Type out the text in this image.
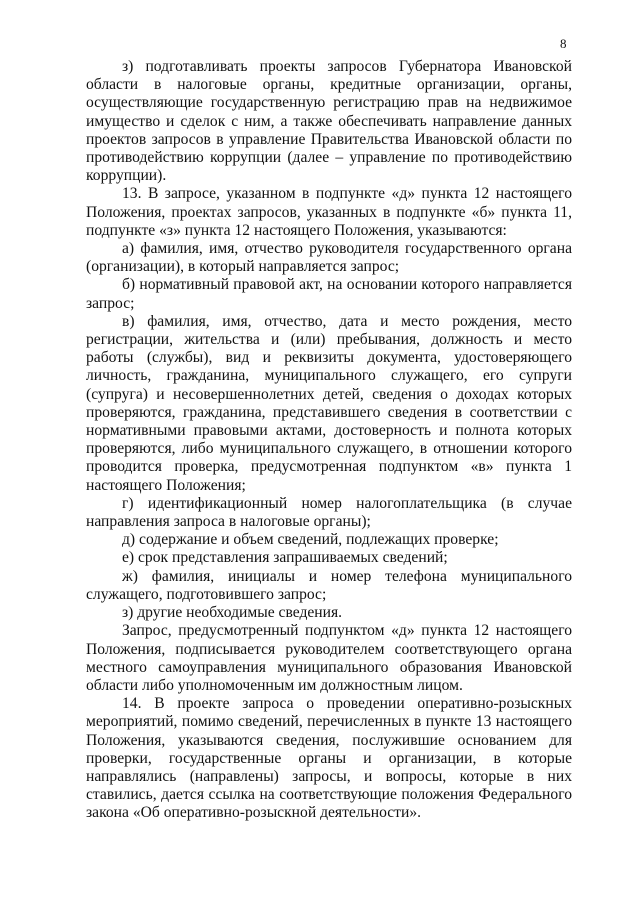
8

з) подготавливать проекты запросов Губернатора Ивановской области в налоговые органы, кредитные организации, органы, осуществляющие государственную регистрацию прав на недвижимое имущество и сделок с ним, а также обеспечивать направление данных проектов запросов в управление Правительства Ивановской области по противодействию коррупции (далее – управление по противодействию коррупции).

13. В запросе, указанном в подпункте «д» пункта 12 настоящего Положения, проектах запросов, указанных в подпункте «б» пункта 11, подпункте «з» пункта 12 настоящего Положения, указываются:

а) фамилия, имя, отчество руководителя государственного органа (организации), в который направляется запрос;

б) нормативный правовой акт, на основании которого направляется запрос;

в) фамилия, имя, отчество, дата и место рождения, место регистрации, жительства и (или) пребывания, должность и место работы (службы), вид и реквизиты документа, удостоверяющего личность, гражданина, муниципального служащего, его супруги (супруга) и несовершеннолетних детей, сведения о доходах которых проверяются, гражданина, представившего сведения в соответствии с нормативными правовыми актами, достоверность и полнота которых проверяются, либо муниципального служащего, в отношении которого проводится проверка, предусмотренная подпунктом «в» пункта 1 настоящего Положения;

г) идентификационный номер налогоплательщика (в случае направления запроса в налоговые органы);

д) содержание и объем сведений, подлежащих проверке;

е) срок представления запрашиваемых сведений;

ж) фамилия, инициалы и номер телефона муниципального служащего, подготовившего запрос;

з) другие необходимые сведения.

Запрос, предусмотренный подпунктом «д» пункта 12 настоящего Положения, подписывается руководителем соответствующего органа местного самоуправления муниципального образования Ивановской области либо уполномоченным им должностным лицом.

14. В проекте запроса о проведении оперативно-розыскных мероприятий, помимо сведений, перечисленных в пункте 13 настоящего Положения, указываются сведения, послужившие основанием для проверки, государственные органы и организации, в которые направлялись (направлены) запросы, и вопросы, которые в них ставились, дается ссылка на соответствующие положения Федерального закона «Об оперативно-розыскной деятельности».
